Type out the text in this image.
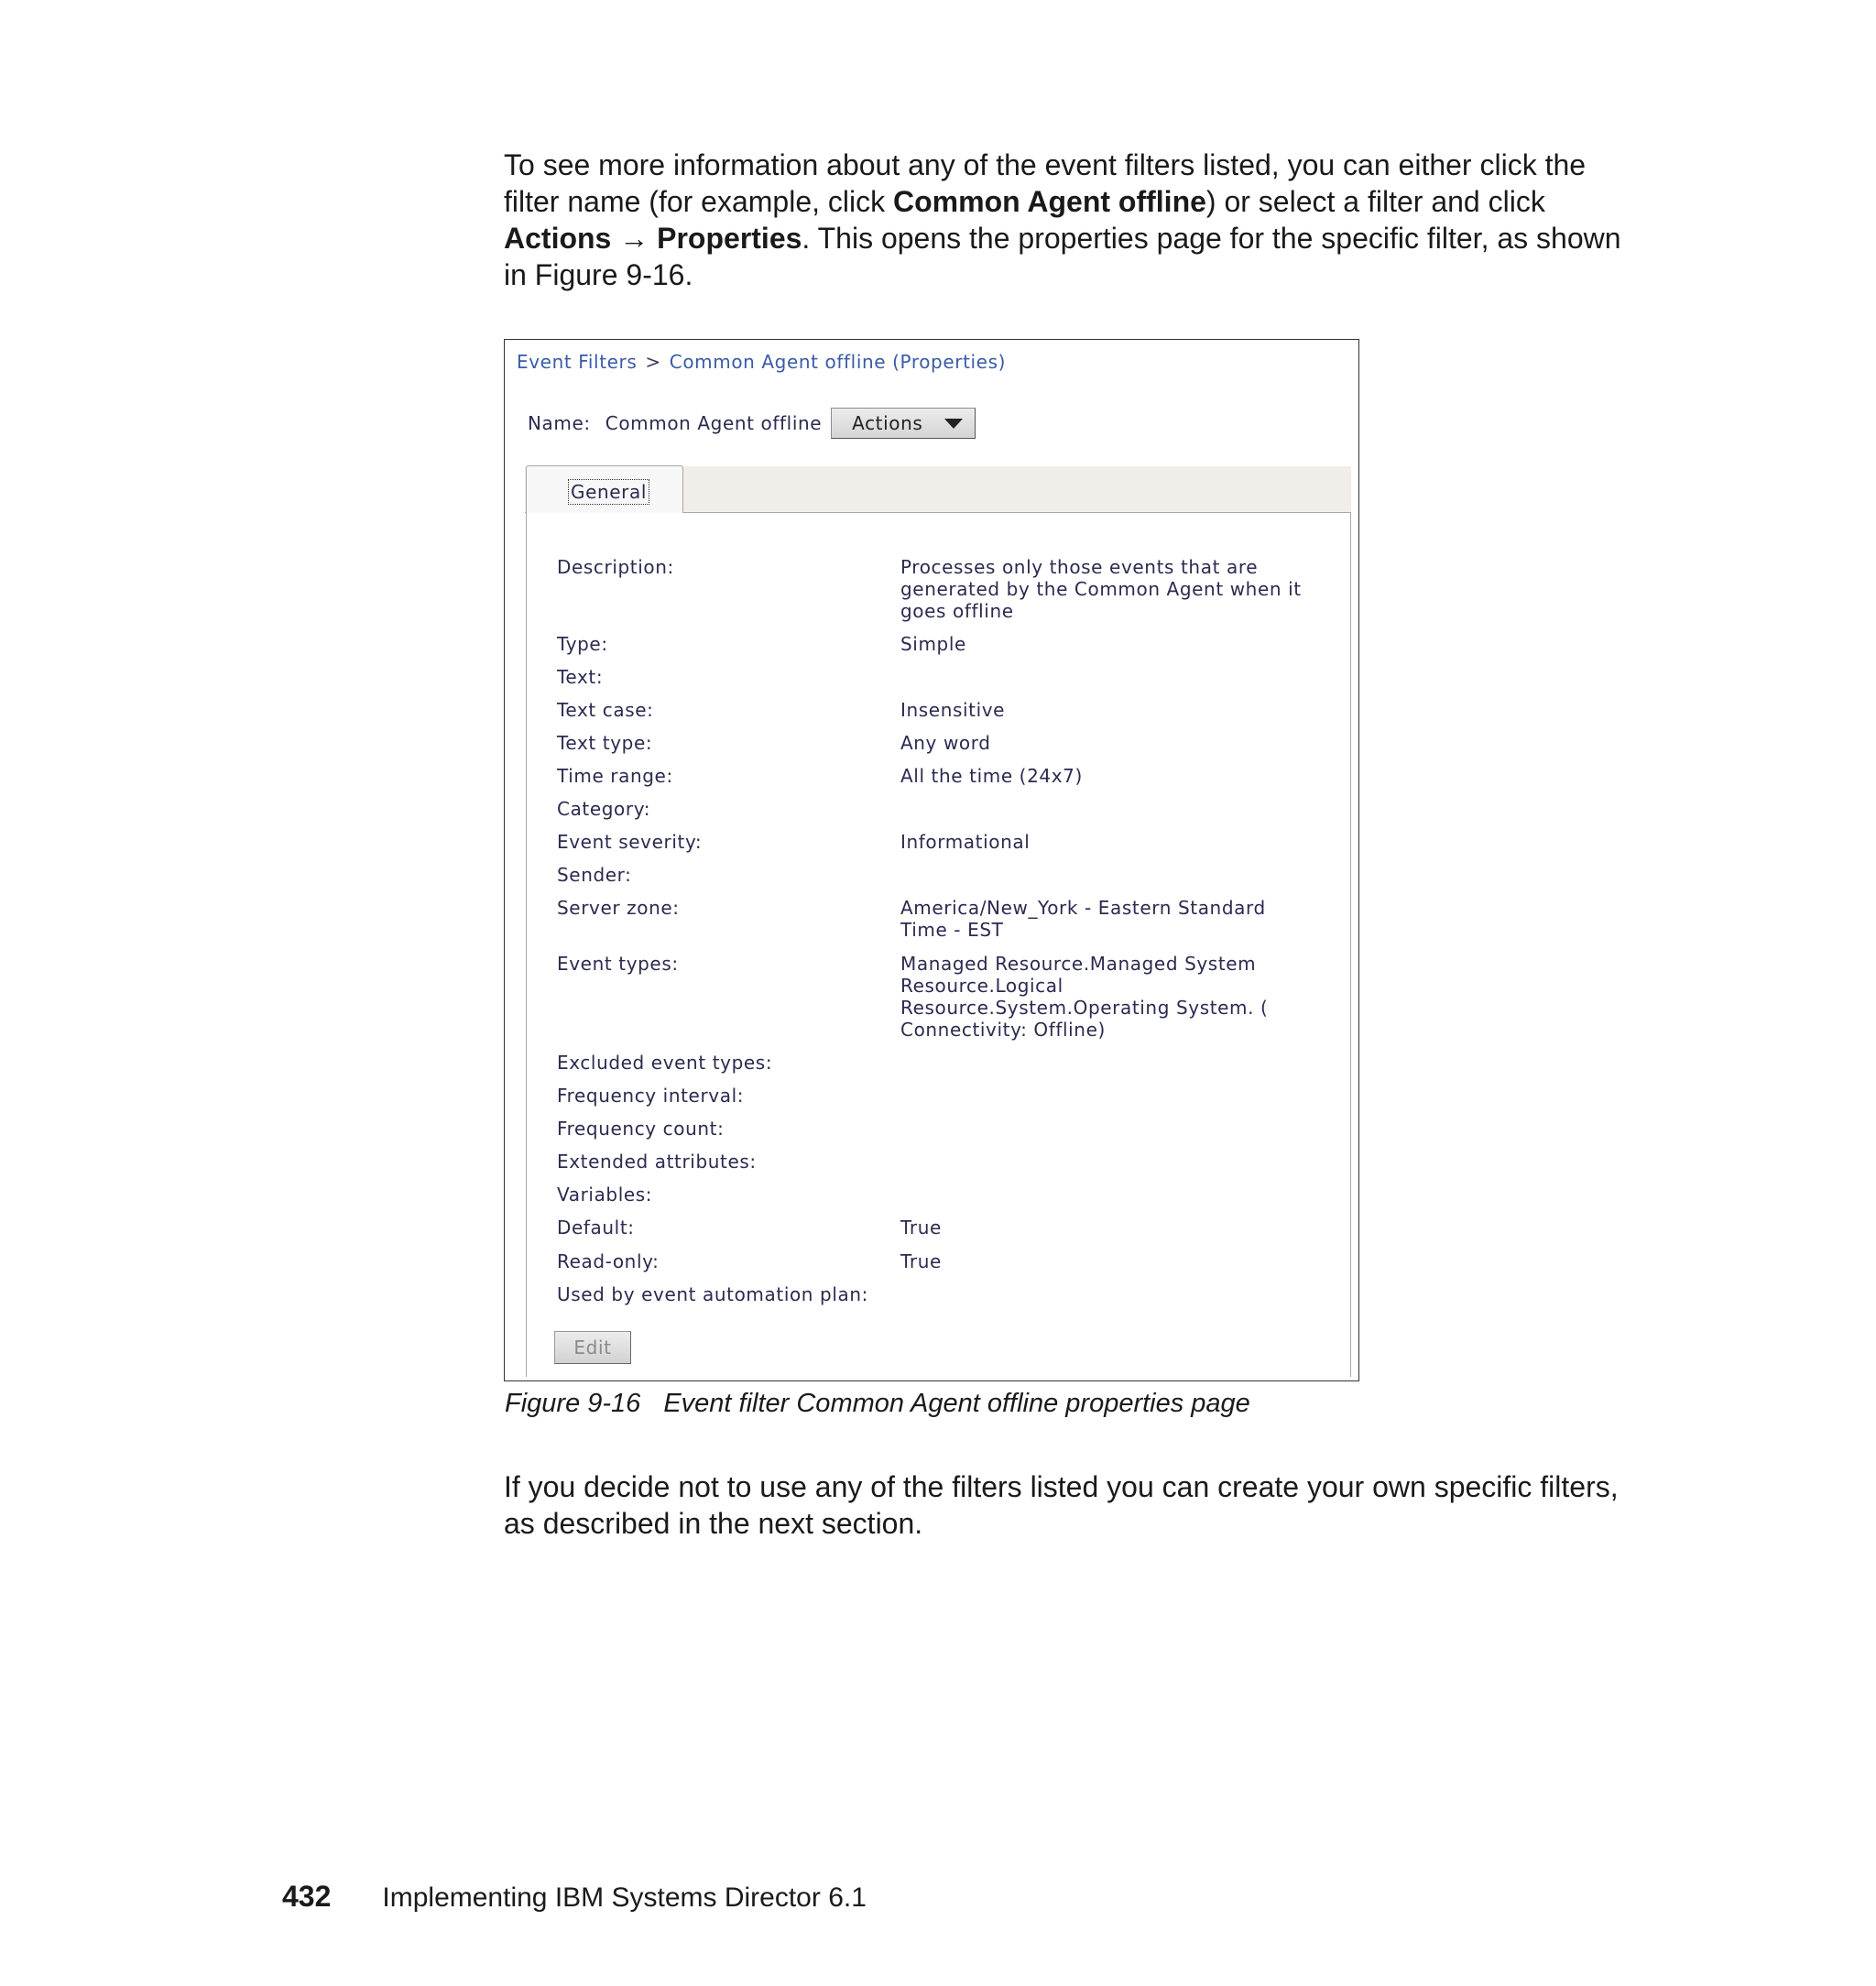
To see more information about any of the event filters listed, you can either click the filter name (for example, click Common Agent offline) or select a filter and click Actions → Properties. This opens the properties page for the specific filter, as shown in Figure 9-16.

Event Filters > Common Agent offline (Properties)
Name: Common Agent offline Actions
General
Description:	Processes only those events that are generated by the Common Agent when it goes offline
Type:	Simple
Text:
Text case:	Insensitive
Text type:	Any word
Time range:	All the time (24x7)
Category:
Event severity:	Informational
Sender:
Server zone:	America/New_York - Eastern Standard Time - EST
Event types:	Managed Resource.Managed System Resource.Logical Resource.System.Operating System. ( Connectivity: Offline)
Excluded event types:
Frequency interval:
Frequency count:
Extended attributes:
Variables:
Default:	True
Read-only:	True
Used by event automation plan:
Edit
Figure 9-16 Event filter Common Agent offline properties page

If you decide not to use any of the filters listed you can create your own specific filters, as described in the next section.

432 Implementing IBM Systems Director 6.1
